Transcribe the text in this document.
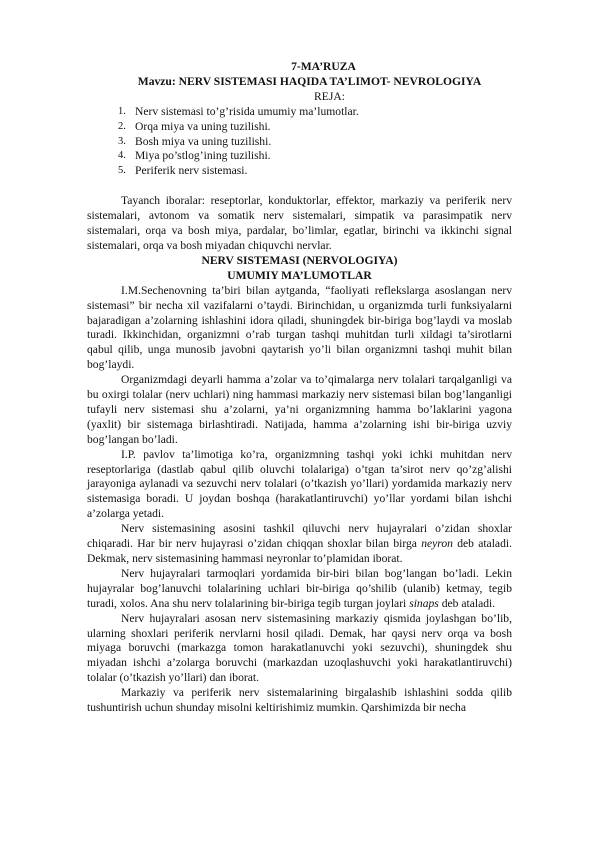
7-MA’RUZA
Mavzu: NERV SISTEMASI HAQIDA TA’LIMOT- NEVROLOGIYA
REJA:
1. Nerv sistemasi to’g’risida umumiy ma’lumotlar.
2. Orqa miya va uning tuzilishi.
3. Bosh miya va uning tuzilishi.
4. Miya po’stlog’ining tuzilishi.
5. Periferik nerv sistemasi.

Tayanch iboralar: reseptorlar, konduktorlar, effektor, markaziy va periferik nerv sistemalari, avtonom va somatik nerv sistemalari, simpatik va parasimpatik nerv sistemalari, orqa va bosh miya, pardalar, bo’limlar, egatlar, birinchi va ikkinchi signal sistemalari, orqa va bosh miyadan chiquvchi nervlar.

NERV SISTEMASI (NERVOLOGIYA)
UMUMIY MA’LUMOTLAR

I.M.Sechenovning ta’biri bilan aytganda, “faoliyati reflekslarga asoslangan nerv sistemasi” bir necha xil vazifalarni o’taydi. Birinchidan, u organizmda turli funksiyalarni bajaradigan a’zolarning ishlashini idora qiladi, shuningdek bir-biriga bog’laydi va moslab turadi. Ikkinchidan, organizmni o’rab turgan tashqi muhitdan turli xildagi ta’sirotlarni qabul qilib, unga munosib javobni qaytarish yo’li bilan organizmni tashqi muhit bilan bog’laydi.

Organizmdagi deyarli hamma a’zolar va to’qimalarga nerv tolalari tarqalganligi va bu oxirgi tolalar (nerv uchlari) ning hammasi markaziy nerv sistemasi bilan bog’langanligi tufayli nerv sistemasi shu a’zolarni, ya’ni organizmning hamma bo’laklarini yagona (yaxlit) bir sistemaga birlashtiradi. Natijada, hamma a’zolarning ishi bir-biriga uzviy bog’langan bo’ladi.

I.P. pavlov ta’limotiga ko’ra, organizmning tashqi yoki ichki muhitdan nerv reseptorlariga (dastlab qabul qilib oluvchi tolalariga) o’tgan ta’sirot nerv qo’zg’alishi jarayoniga aylanadi va sezuvchi nerv tolalari (o’tkazish yo’llari) yordamida markaziy nerv sistemasiga boradi. U joydan boshqa (harakatlantiruvchi) yo’llar yordami bilan ishchi a’zolarga yetadi.

Nerv sistemasining asosini tashkil qiluvchi nerv hujayralari o’zidan shoxlar chiqaradi. Har bir nerv hujayrasi o’zidan chiqqan shoxlar bilan birga neyron deb ataladi. Dekmak, nerv sistemasining hammasi neyronlar to’plamidan iborat.

Nerv hujayralari tarmoqlari yordamida bir-biri bilan bog’langan bo’ladi. Lekin hujayralar bog’lanuvchi tolalarining uchlari bir-biriga qo’shilib (ulanib) ketmay, tegib turadi, xolos. Ana shu nerv tolalarining bir-biriga tegib turgan joylari sinaps deb ataladi.

Nerv hujayralari asosan nerv sistemasining markaziy qismida joylashgan bo’lib, ularning shoxlari periferik nervlarni hosil qiladi. Demak, har qaysi nerv orqa va bosh miyaga boruvchi (markazga tomon harakatlanuvchi yoki sezuvchi), shuningdek shu miyadan ishchi a’zolarga boruvchi (markazdan uzoqlashuvchi yoki harakatlantiruvchi) tolalar (o’tkazish yo’llari) dan iborat.

Markaziy va periferik nerv sistemalarining birgalashib ishlashini sodda qilib tushuntirish uchun shunday misolni keltirishimiz mumkin. Qarshimizda bir necha
